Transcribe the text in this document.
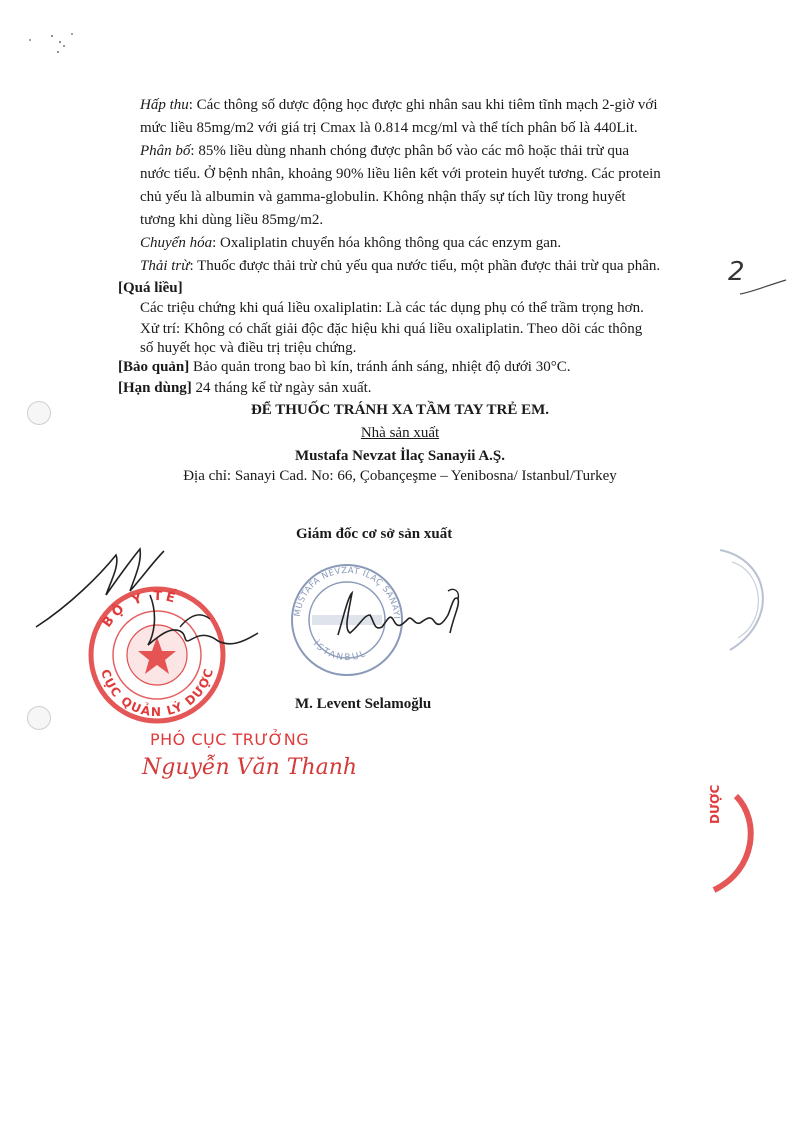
Hấp thu: Các thông số dược động học được ghi nhân sau khi tiêm tĩnh mạch 2-giờ với
mức liều 85mg/m2 với giá trị Cmax là 0.814 mcg/ml và thể tích phân bố là 440Lit.
Phân bố: 85% liều dùng nhanh chóng được phân bố vào các mô hoặc thải trừ qua
nước tiểu. Ở bệnh nhân, khoảng 90% liều liên kết với protein huyết tương. Các protein
chủ yếu là albumin và gamma-globulin. Không nhận thấy sự tích lũy trong huyết
tương khi dùng liều 85mg/m2.
Chuyển hóa: Oxaliplatin chuyển hóa không thông qua các enzym gan.
Thải trừ: Thuốc được thải trừ chủ yếu qua nước tiểu, một phần được thải trừ qua phân.
[Quá liều]
Các triệu chứng khi quá liều oxaliplatin: Là các tác dụng phụ có thể trầm trọng hơn.
Xử trí: Không có chất giải độc đặc hiệu khi quá liều oxaliplatin. Theo dõi các thông
số huyết học và điều trị triệu chứng.
[Bảo quản] Bảo quản trong bao bì kín, tránh ánh sáng, nhiệt độ dưới 30°C.
[Hạn dùng] 24 tháng kể từ ngày sản xuất.
ĐỂ THUỐC TRÁNH XA TẦM TAY TRẺ EM.
Nhà sản xuất
Mustafa Nevzat İlaç Sanayii A.Ş.
Địa chỉ: Sanayi Cad. No: 66, Çobançeşme – Yenibosna/ Istanbul/Turkey
Giám đốc cơ sở sản xuất
M. Levent Selamoğlu
2
MUSTAFA NEVZAT İLAÇ SANAYİİ
İSTANBUL
BỘ Y TẾ
CỤC QUẢN LÝ DƯỢC
PHÓ CỤC TRƯỞNG
Nguyễn Văn Thanh
DƯỢC
